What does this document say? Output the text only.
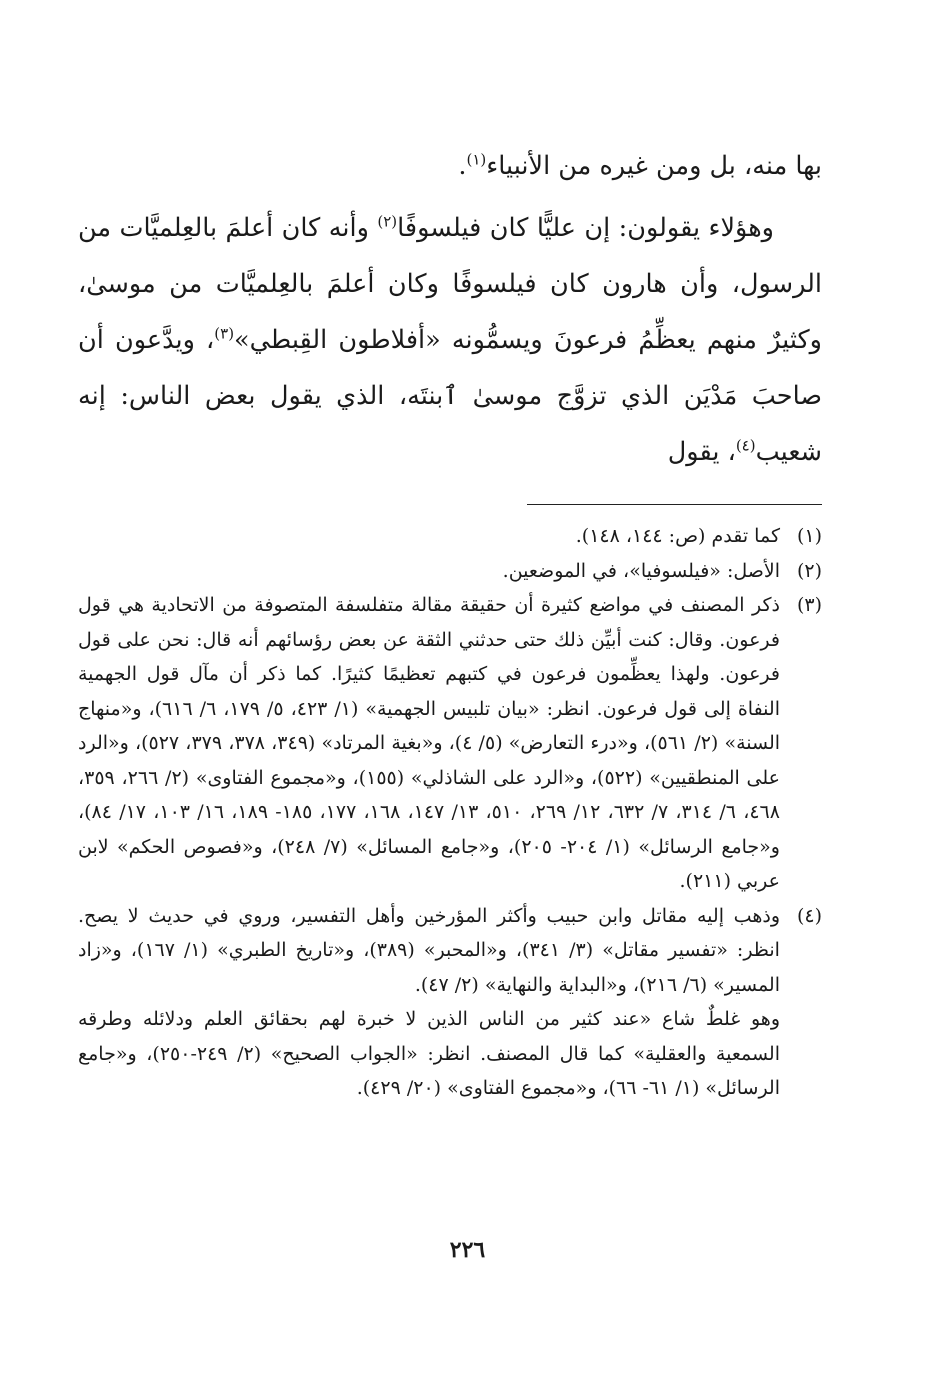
بها منه، بل ومن غيره من الأنبياء$^{(١)}$.

وهؤلاء يقولون: إن عليًّا كان فيلسوفًا$^{(٢)}$ وأنه كان أعلمَ بالعِلميَّات من الرسول، وأن هارون كان فيلسوفًا وكان أعلمَ بالعِلميَّات من موسىٰ، وكثيرٌ منهم يعظِّمُ فرعونَ ويسمُّونه «أفلاطون القِبطي»$^{(٣)}$، ويدَّعون أن صاحبَ مَدْيَن الذي تزوَّج موسىٰ ٱبنتَه، الذي يقول بعض الناس: إنه شعيب$^{(٤)}$، يقول

(١)

كما تقدم (ص: ١٤٤، ١٤٨).

(٢)

الأصل: «فيلسوفيا»، في الموضعين.

(٣)

ذكر المصنف في مواضع كثيرة أن حقيقة مقالة متفلسفة المتصوفة من الاتحادية هي قول فرعون. وقال: كنت أبيِّن ذلك حتى حدثني الثقة عن بعض رؤسائهم أنه قال: نحن على قول فرعون. ولهذا يعظِّمون فرعون في كتبهم تعظيمًا كثيرًا. كما ذكر أن مآل قول الجهمية النفاة إلى قول فرعون. انظر: «بيان تلبيس الجهمية» (١/ ٤٢٣، ٥/ ١٧٩، ٦/ ٦١٦)، و«منهاج السنة» (٢/ ٥٦١)، و«درء التعارض» (٥/ ٤)، و«بغية المرتاد» (٣٤٩، ٣٧٨، ٣٧٩، ٥٢٧)، و«الرد على المنطقيين» (٥٢٢)، و«الرد على الشاذلي» (١٥٥)، و«مجموع الفتاوى» (٢/ ٢٦٦، ٣٥٩، ٤٦٨، ٦/ ٣١٤، ٧/ ٦٣٢، ١٢/ ٢٦٩، ٥١٠، ١٣/ ١٤٧، ١٦٨، ١٧٧، ١٨٥- ١٨٩، ١٦/ ١٠٣، ١٧/ ٨٤)، و«جامع الرسائل» (١/ ٢٠٤- ٢٠٥)، و«جامع المسائل» (٧/ ٢٤٨)، و«فصوص الحكم» لابن عربي (٢١١).

(٤)

وذهب إليه مقاتل وابن حبيب وأكثر المؤرخين وأهل التفسير، وروي في حديث لا يصح. انظر: «تفسير مقاتل» (٣/ ٣٤١)، و«المحبر» (٣٨٩)، و«تاريخ الطبري» (١/ ١٦٧)، و«زاد المسير» (٦/ ٢١٦)، و«البداية والنهاية» (٢/ ٤٧).

وهو غلطٌ شاع «عند كثير من الناس الذين لا خبرة لهم بحقائق العلم ودلائله وطرقه السمعية والعقلية» كما قال المصنف. انظر: «الجواب الصحيح» (٢/ ٢٤٩-٢٥٠)، و«جامع الرسائل» (١/ ٦١- ٦٦)، و«مجموع الفتاوى» (٢٠/ ٤٢٩).

٢٢٦
